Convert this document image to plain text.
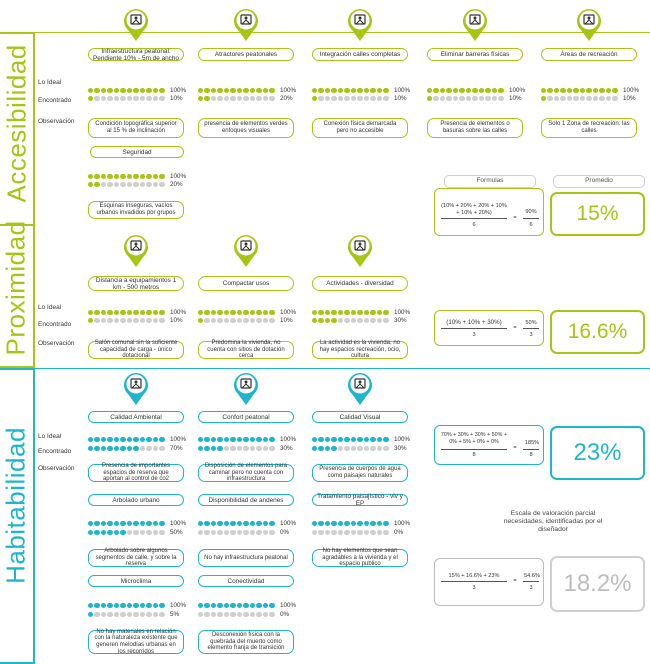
Accesibilidad
Proximidad
Habitabilidad
Lo Ideal
Encontrado
Observación
Lo Ideal
Encontrado
Observación
Lo Ideal
Encontrado
Observación
01
Infraestructura peatonal: Pendiente 10% - 5m de ancho
100%
10%
Condición topográfica superior al 15 % de inclinación
02
Atractores peatonales
100%
20%
presencia de elementos verdes enfoques visuales
03
Integración calles completas
100%
10%
Conexión física demarcada pero no accesible
04
Eliminar barreras físicas
100%
10%
Presencia de elementos o basuras sobre las calles
05
Áreas de recreación
100%
10%
Solo 1 Zona de recreación: las calles
Seguridad
100%
20%
Esquinas inseguras, vacíos urbanos invadidos por grupos
Formulas	Promedio
(10% + 20% + 20% + 10% + 10% + 20%)
6
=
90%
6	15%
06
Distancia a equipamientos 1 km - 500 metros
100%
10%
Salón comunal sin la suficiente capacidad de carga - único dotacional
07
Compactar usos
100%
10%
Predomina la vivienda, no cuenta con sitios de dotación cerca
08
Actividades - diversidad
100%
30%
La actividad es la vivienda, no hay espacios recreación, ocio, cultura
(10% + 10% + 30%)
3
=
50%
3	16.6%
Calidad Ambiental
100%
70%
Presencia de importantes espacios de reserva que aportan al control de co2
Confort peatonal
100%
30%
Disposición de elementos para caminar pero no cuenta con infraestructura
Calidad Visual
100%
30%
Presencia de cuerpos de agua como paisajes naturales
09	10	11
Arbolado urbano
100%
50%
Arbolado sobre algunos segmentos de calle, y sobre la reserva
Disponibilidad de andenes
100%
0%
No hay infraestructura peatonal
Tratamiento paisajístico - viv y EP
100%
0%
No hay elementos que sean agradables a la vivienda y el espacio publico
Microclima
100%
5%
No hay materiales en relación con la naturaleza existente que generen melodías urbanas en los recorridos
Conectividad
100%
0%
Desconexión física con la quebrada del muerto como elemento franja de transición
70% + 30% + 30% + 50% + 0% + 5% + 0% + 0%
8
=
185%
8	23%
Escala de valoración parcial necesidades, identificadas por el diseñador
15% + 16.6% + 23%
3
=
54.6%
3	18.2%
